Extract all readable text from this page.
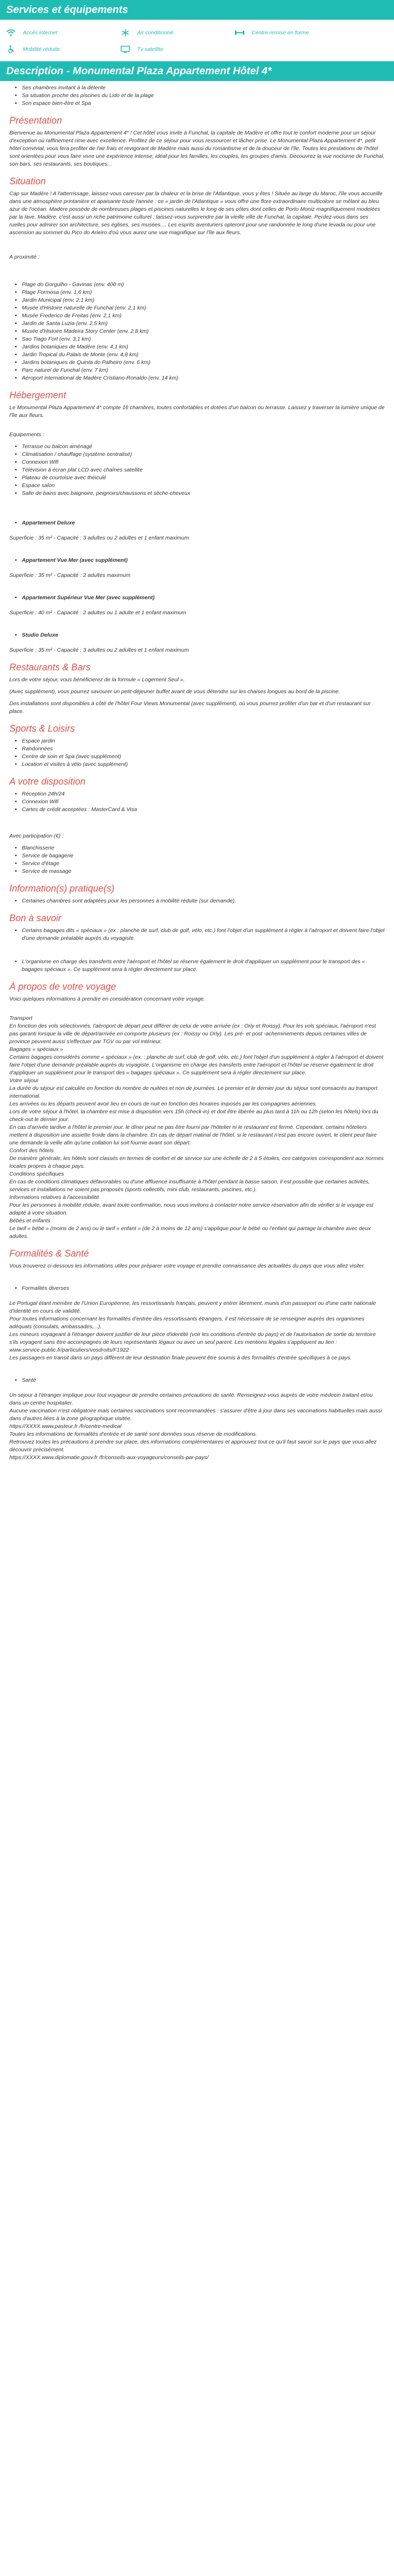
Services et équipements
Accès internet	Air conditionné	Centre remise en forme
Mobilité réduite	Tv satellite
Description - Monumental Plaza Appartement Hôtel 4*
• Ses chambres invitant à la détente
• Sa situation proche des piscines du Lido et de la plage
• Son espace bien-être et Spa
Présentation

Bienvenue au Monumental Plaza Appartement 4* ! Cet hôtel vous invite à Funchal, la capitale de Madère et offre tout le confort moderne pour un séjour d'exception où raffinement rime avec excellence. Profitez de ce séjour pour vous ressourcer et lâcher prise. Le Monumental Plaza Appartement 4*, petit hôtel convivial, vous fera profiter de l'air frais et revigorant de Madère mais aussi du romantisme et de la douceur de l'île. Toutes les prestations de l'hôtel sont orientées pour vous faire vivre une expérience intense, idéal pour les familles, les couples, les groupes d'amis. Découvrez la vue nocturne de Funchal, son bars, ses restaurants, ses boutiques...

Situation

Cap sur Madère ! A l'atterrissage, laissez-vous caresser par la chaleur et la brise de l'Atlantique, vous y êtes ! Située au large du Maroc, l'île vous accueille dans une atmosphère printanière et apaisante toute l'année : ce « jardin de l'Atlantique » vous offre une flore extraordinaire multicolore se mêlant au bleu azur de l'océan. Madère possède de nombreuses plages et piscines naturelles le long de ses côtes dont celles de Porto Moniz magnifiquement modelées par la lave. Madère, c'est aussi un riche patrimoine culturel : laissez-vous surprendre par la vieille ville de Funchal, la capitale. Perdez-vous dans ses ruelles pour admirer son architecture, ses églises, ses musées.... Les esprits aventuriers opteront pour une randonnée le long d'une levada ou pour une ascension au sommet du Pico do Arieiro d'où vous aurez une vue magnifique sur l'île aux fleurs.

A proximité :

• Plage do Gorgulho - Gavinas (env. 400 m)
• Plage Formosa (env. 1,6 km)
• Jardin Municipal (env. 2,1 km)
• Musée d'Histoire naturelle de Funchal (env. 2,1 km)
• Musée Frederico de Freitas (env. 2,1 km)
• Jardin de Santa Luzia (env. 2,5 km)
• Musée d'Histoire Madeira Story Center (env. 2,8 km)
• Sao Tiago Fort (env. 3,1 km)
• Jardins botaniques de Madère (env. 4,1 km)
• Jardin Tropical du Palais de Monte (env. 4,8 km)
• Jardins botaniques de Quinta do Palheiro (env. 6 km)
• Parc naturel de Funchal (env. 7 km)
• Aéroport international de Madère Cristiano-Ronaldo (env. 14 km)
Hébergement

Le Monumental Plaza Appartement 4* compte 16 chambres, toutes confortables et dotées d'un balcon ou terrasse. Laissez y traverser la lumière unique de l'île aux fleurs.

Equipements :

• Terrasse ou balcon aménagé
• Climatisation / chauffage (système centralisé)
• Connexion Wifi
• Télévision à écran plat LCD avec chaînes satellite
• Plateau de courtoisie avec théiculé
• Espace salon
• Salle de bains avec baignoire, peignoirs/chaussons et sèche-cheveux
• Appartement Deluxe

Superficie : 35 m² - Capacité : 3 adultes ou 2 adultes et 1 enfant maximum

• Appartement Vue Mer (avec supplément)

Superficie : 35 m² - Capacité : 2 adultes maximum

• Appartement Supérieur Vue Mer (avec supplément)

Superficie : 40 m² - Capacité : 2 adultes ou 1 adulte et 1 enfant maximum

• Studio Deluxe

Superficie : 35 m² - Capacité : 3 adultes ou 2 adultes et 1 enfant maximum

Restaurants & Bars

Lors de votre séjour, vous bénéficierez de la formule « Logement Seul ».

(Avec supplément), vous pourrez savourer un petit-déjeuner buffet avant de vous détendre sur les chaises longues au bord de la piscine.

Des installations sont disponibles à côté de l'hôtel Four Views Monumental (avec supplément), où vous pourrez profiter d'un bar et d'un restaurant sur place.

Sports & Loisirs
• Espace jardin
• Randonnées
• Centre de soin et Spa (avec supplément)
• Location et visites à vélo (avec supplément)
A votre disposition
• Réception 24h/24
• Connexion Wifi
• Cartes de crédit acceptées : MasterCard & Visa

Avec participation (€) :

• Blanchisserie
• Service de bagagerie
• Service d'étage
• Service de massage
Information(s) pratique(s)
• Certaines chambres sont adaptées pour les personnes à mobilité réduite (sur demande).
Bon à savoir
• Certains bagages dits « spéciaux » (ex : planche de surf, club de golf, vélo, etc.) font l'objet d'un supplément à régler à l'aéroport et doivent faire l'objet d'une demande préalable auprès du voyagiste.
• L'organisme en charge des transferts entre l'aéroport et l'hôtel se réserve également le droit d'appliquer un supplément pour le transport des « bagages spéciaux ». Ce supplément sera à régler directement sur place.
À propos de votre voyage

Voici quelques informations à prendre en considération concernant votre voyage.

Transport
En fonction des vols sélectionnés, l'aéroport de départ peut différer de celui de votre arrivée (ex : Orly et Roissy). Pour les vols spéciaux, l'aéroport n'est pas garanti lorsque la ville de départ/arrivée en comporte plusieurs (ex : Roissy ou Orly). Les pré- et post -acheminements depuis certaines villes de province peuvent aussi s'effectuer par TGV ou par vol intérieur.
Bagages « spéciaux »
Certains bagages considérés comme « spéciaux » (ex. : planche de surf, club de golf, vélo, etc.) font l'objet d'un supplément à régler à l'aéroport et doivent faire l'objet d'une demande préalable auprès du voyagiste. L'organisme en charge des transferts entre l'aéroport et l'hôtel se réserve également le droit d'appliquer un supplément pour le transport des « bagages spéciaux ». Ce supplément sera à régler directement sur place.
Votre séjour
La durée du séjour est calculée en fonction du nombre de nuitées et non de journées. Le premier et le dernier jour du séjour sont consacrés au transport international.
Les arrivées ou les départs peuvent avoir lieu en cours de nuit en fonction des horaires imposés par les compagnies aériennes.
Lors de votre séjour à l'hôtel, la chambre est mise à disposition vers 15h (check-in) et doit être libérée au plus tard à 11h ou 12h (selon les hôtels) lors du check-out le dernier jour.
En cas d'arrivée tardive à l'hôtel le premier jour, le dîner peut ne pas être fourni par l'hôtelier ni le restaurant est fermé. Cependant, certains hôteliers mettent à disposition une assiette froide dans la chambre. En cas de départ matinal de l'hôtel, si le restaurant n'est pas encore ouvert, le client peut faire une demande la veille afin qu'une collation lui soit fournie avant son départ.
Confort des hôtels
De manière générale, les hôtels sont classés en termes de confort et de service sur une échelle de 2 à 5 étoiles, ces catégories correspondent aux normes locales propres à chaque pays.
Conditions spécifiques
En cas de conditions climatiques défavorables ou d'une affluence insuffisante à l'hôtel pendant la basse saison, il est possible que certaines activités, services et installations ne soient pas proposés (sports collectifs, mini club, restaurants, piscines, etc.).
Informations relatives à l'accessibilité
Pour les personnes à mobilité réduite, avant toute confirmation, nous vous invitons à contacter notre service réservation afin de vérifier si le voyage est adapté à votre situation.
Bébés et enfants
Le tarif « bébé » (moins de 2 ans) ou le tarif « enfant » (de 2 à moins de 12 ans) s'applique pour le bébé ou l'enfant qui partage la chambre avec deux adultes.

Formalités & Santé

Vous trouverez ci-dessous les informations utiles pour préparer votre voyage et prendre connaissance des actualités du pays que vous allez visiter.

• Formalités diverses

Le Portugal étant membre de l'Union Européenne, les ressortissants français, peuvent y entrer librement, munis d'un passeport ou d'une carte nationale d'identité en cours de validité.
Pour toutes informations concernant les formalités d'entrée des ressortissants étrangers, il est nécessaire de se renseigner auprès des organismes adéquats (consulats, ambassades,...).
Les mineurs voyageant à l'étranger doivent justifier de leur pièce d'identité (voir les conditions d'entrée du pays) et de l'autorisation de sortie du territoire s'ils voyagent sans être accompagnés de leurs représentants légaux ou avec un seul parent. Les mentions légales s'appliquent au lien :
www.service-public.fr/particuliers/vosdroits/F1922
Les passagers en transit dans un pays diffèrent de leur destination finale peuvent être soumis à des formalités d'entrée spécifiques à ce pays.

• Santé

Un séjour à l'étranger implique pour tout voyageur de prendre certaines précautions de santé. Renseignez-vous auprès de votre médecin traitant et/ou dans un centre hospitalier.
Aucune vaccination n'est obligatoire mais certaines vaccinations sont recommandées : s'assurer d'être à jour dans ses vaccinations habituelles mais aussi dans d'autres liées à la zone géographique visitée.
https://XXXX.www.pasteur.fr /fr/centre-medical
Toutes les informations de formalités d'entrée et de santé sont données sous réserve de modifications.
Retrouvez toutes les précautions à prendre sur place, des informations complémentaires et approuvez tout ce qu'il faut savoir sur le pays que vous allez découvrir précisément.
https://XXXX.www.diplomatie.gouv.fr /fr/conseils-aux-voyageurs/conseils-par-pays/
